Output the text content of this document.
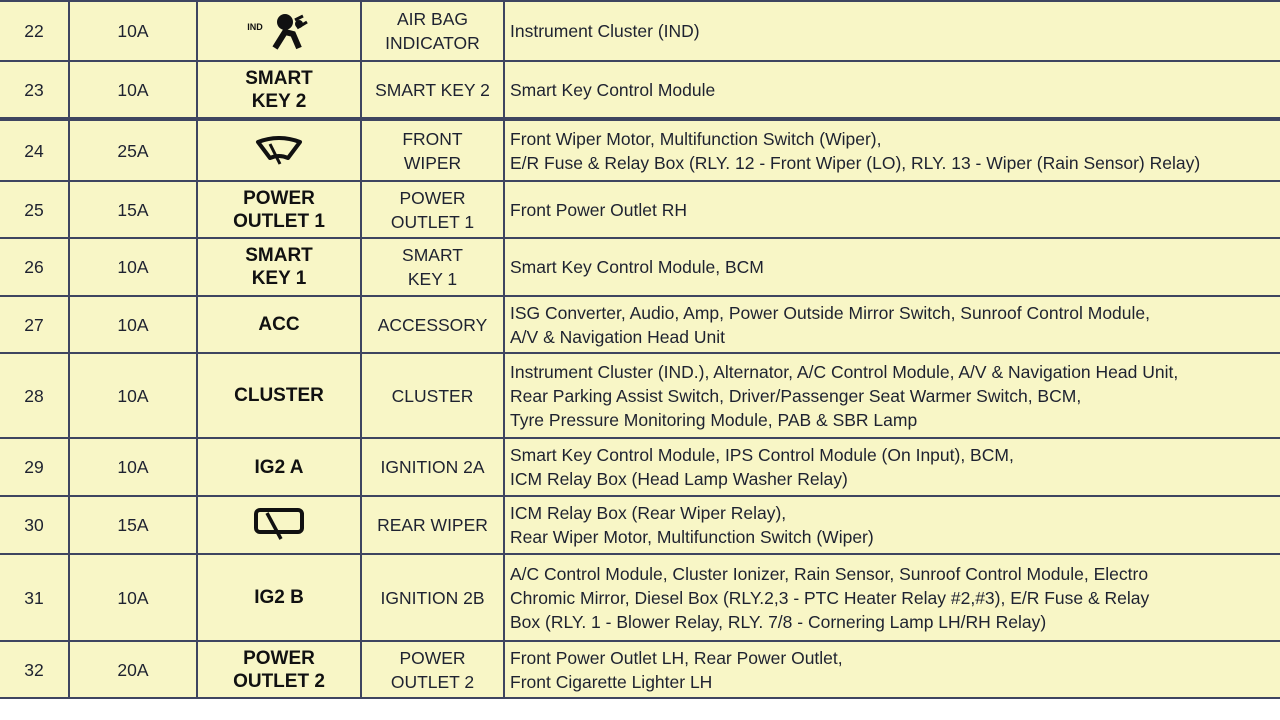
22	10A	$^{IND}$	AIR BAG
INDICATOR	Instrument Cluster (IND)

23	10A	SMART
KEY 2	SMART KEY 2	Smart Key Control Module

24	25A		FRONT
WIPER	Front Wiper Motor, Multifunction Switch (Wiper),
E/R Fuse & Relay Box (RLY. 12 - Front Wiper (LO), RLY. 13 - Wiper (Rain Sensor) Relay)

25	15A	POWER
OUTLET 1	POWER
OUTLET 1	Front Power Outlet RH

26	10A	SMART
KEY 1	SMART
KEY 1	Smart Key Control Module, BCM

27	10A	ACC	ACCESSORY	ISG Converter, Audio, Amp, Power Outside Mirror Switch, Sunroof Control Module,
A/V & Navigation Head Unit

28	10A	CLUSTER	CLUSTER	Instrument Cluster (IND.), Alternator, A/C Control Module, A/V & Navigation Head Unit,
Rear Parking Assist Switch, Driver/Passenger Seat Warmer Switch, BCM,
Tyre Pressure Monitoring Module, PAB & SBR Lamp

29	10A	IG2 A	IGNITION 2A	Smart Key Control Module, IPS Control Module (On Input), BCM,
ICM Relay Box (Head Lamp Washer Relay)

30	15A		REAR WIPER	ICM Relay Box (Rear Wiper Relay),
Rear Wiper Motor, Multifunction Switch (Wiper)

31	10A	IG2 B	IGNITION 2B	A/C Control Module, Cluster Ionizer, Rain Sensor, Sunroof Control Module, Electro
Chromic Mirror, Diesel Box (RLY.2,3 - PTC Heater Relay #2,#3), E/R Fuse & Relay
Box (RLY. 1 - Blower Relay, RLY. 7/8 - Cornering Lamp LH/RH Relay)

32	20A	POWER
OUTLET 2	POWER
OUTLET 2	Front Power Outlet LH, Rear Power Outlet,
Front Cigarette Lighter LH
